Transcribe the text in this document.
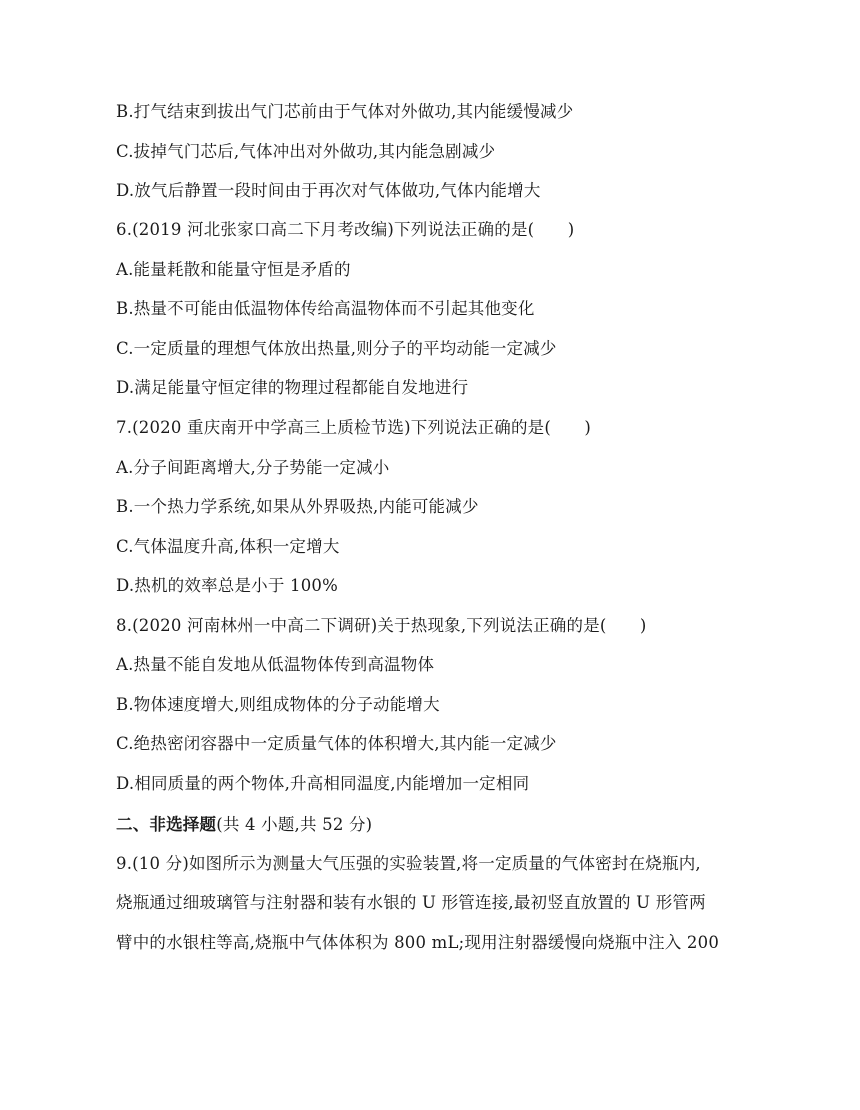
B.打气结束到拔出气门芯前由于气体对外做功,其内能缓慢减少
C.拔掉气门芯后,气体冲出对外做功,其内能急剧减少
D.放气后静置一段时间由于再次对气体做功,气体内能增大
6.(2019 河北张家口高二下月考改编)下列说法正确的是(　　)
A.能量耗散和能量守恒是矛盾的
B.热量不可能由低温物体传给高温物体而不引起其他变化
C.一定质量的理想气体放出热量,则分子的平均动能一定减少
D.满足能量守恒定律的物理过程都能自发地进行
7.(2020 重庆南开中学高三上质检节选)下列说法正确的是(　　)
A.分子间距离增大,分子势能一定减小
B.一个热力学系统,如果从外界吸热,内能可能减少
C.气体温度升高,体积一定增大
D.热机的效率总是小于 100%
8.(2020 河南林州一中高二下调研)关于热现象,下列说法正确的是(　　)
A.热量不能自发地从低温物体传到高温物体
B.物体速度增大,则组成物体的分子动能增大
C.绝热密闭容器中一定质量气体的体积增大,其内能一定减少
D.相同质量的两个物体,升高相同温度,内能增加一定相同
二、非选择题(共 4 小题,共 52 分)
9.(10 分)如图所示为测量大气压强的实验装置,将一定质量的气体密封在烧瓶内,
烧瓶通过细玻璃管与注射器和装有水银的 U 形管连接,最初竖直放置的 U 形管两
臂中的水银柱等高,烧瓶中气体体积为 800 mL;现用注射器缓慢向烧瓶中注入 200
